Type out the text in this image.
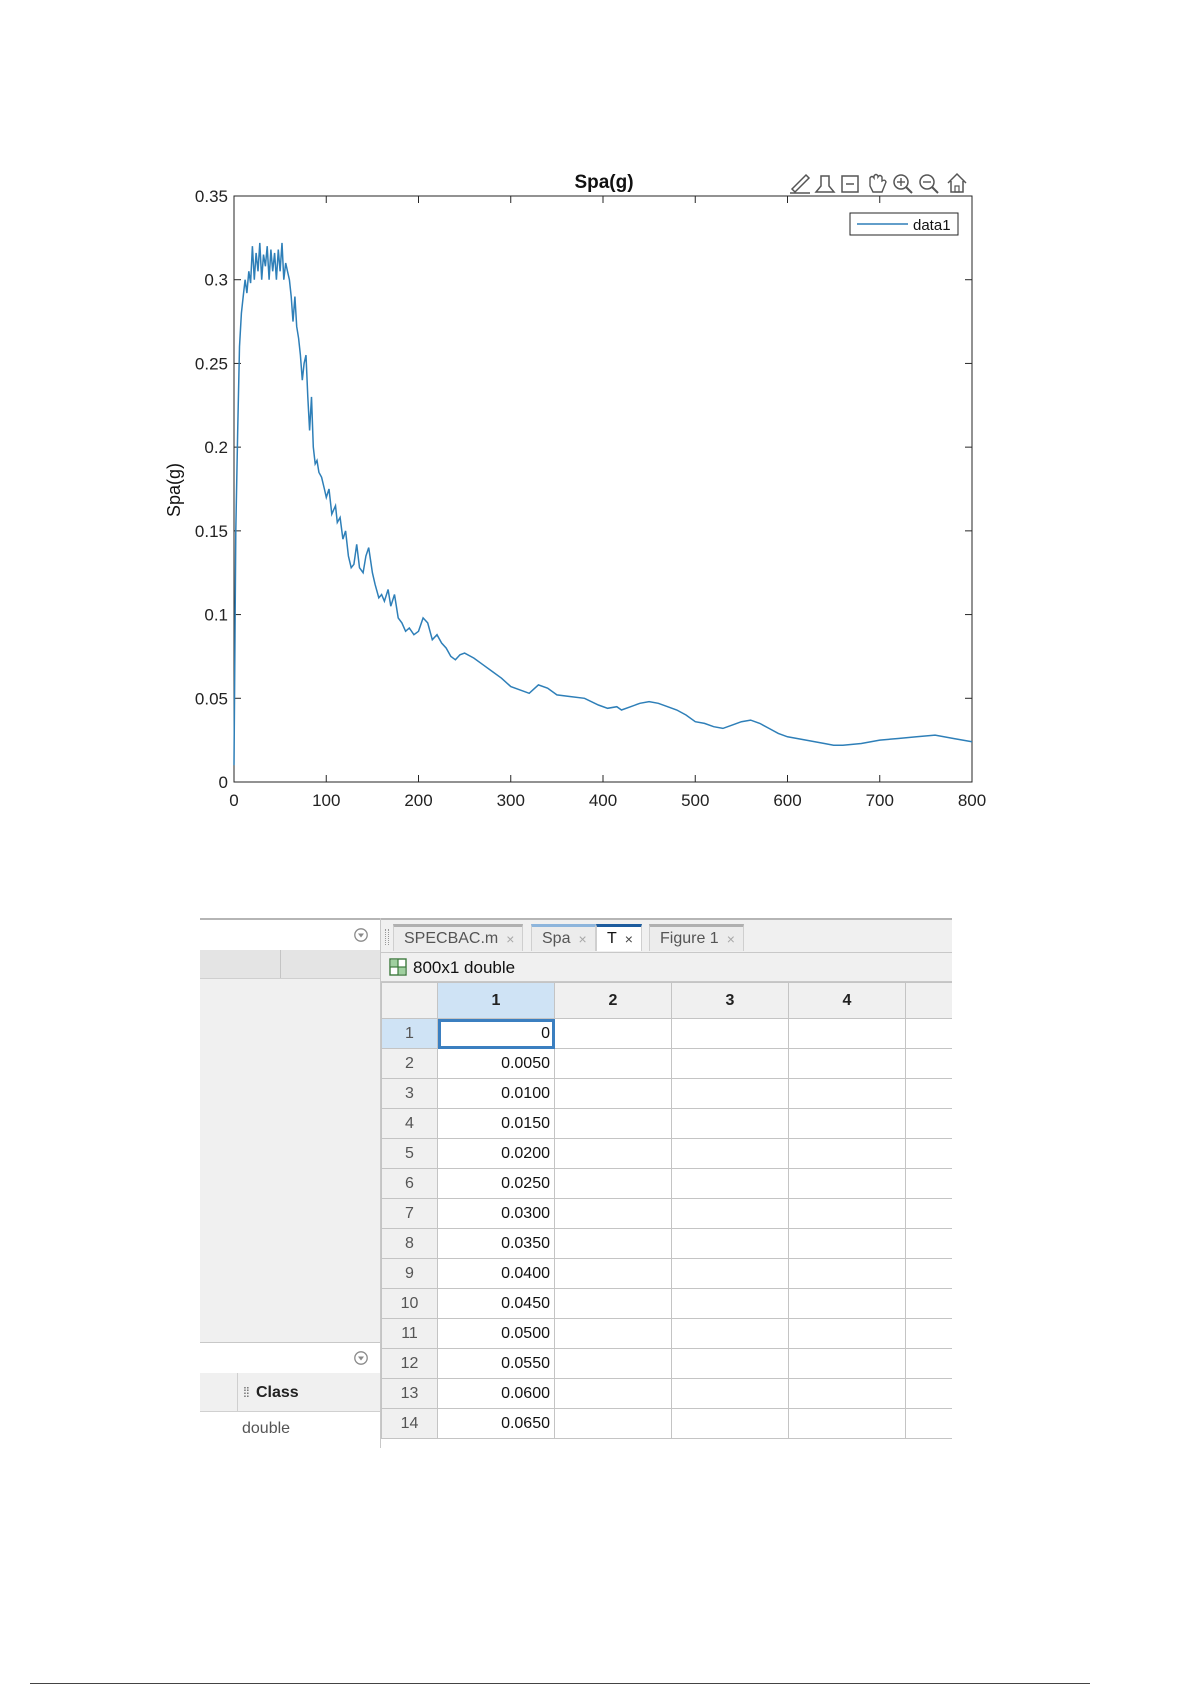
Spa(g)
Spa(g)
0	100	200	300	400	500	600	700	800
0
0.05
0.1
0.15
0.2
0.25
0.3
0.35
data1
⁞⁞ Class
double
SPECBAC.m × Spa × T × Figure 1 ×
800x1 double
	1	2	3	4	
1	0				
2	0.0050				
3	0.0100				
4	0.0150				
5	0.0200				
6	0.0250				
7	0.0300				
8	0.0350				
9	0.0400				
10	0.0450				
11	0.0500				
12	0.0550				
13	0.0600				
14	0.0650				
